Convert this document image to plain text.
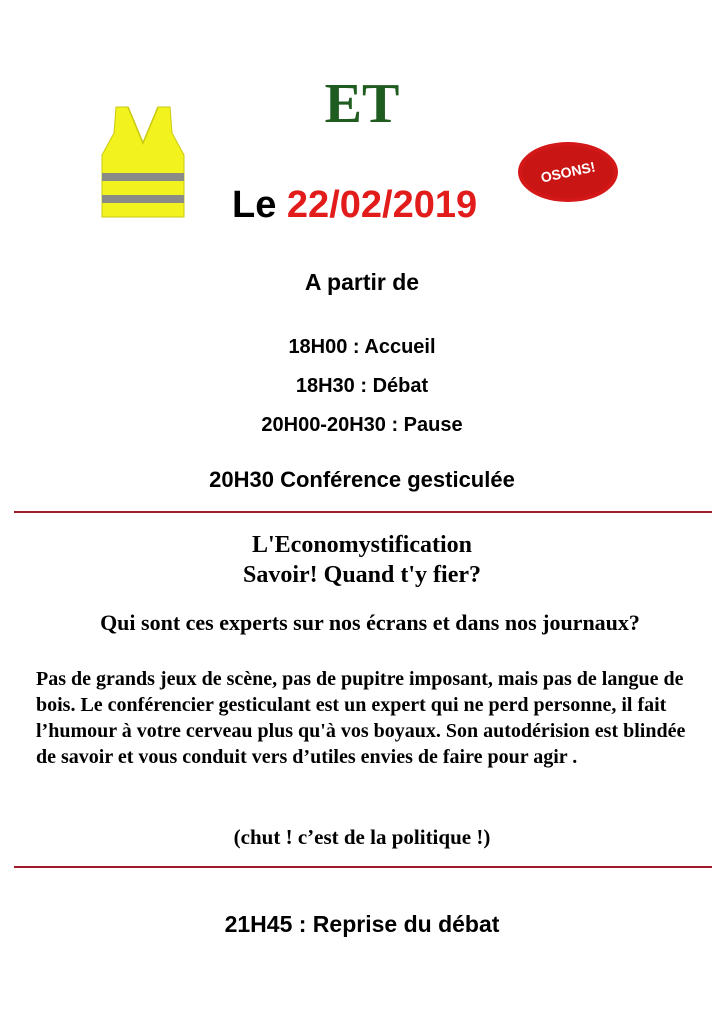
ET
OSONS!
Le 22/02/2019
A partir de
18H00 : Accueil
18H30 : Débat
20H00-20H30 : Pause
20H30 Conférence gesticulée
L'Economystification
Savoir! Quand t'y fier?
Qui sont ces experts sur nos écrans et dans nos journaux?
Pas de grands jeux de scène, pas de pupitre imposant, mais pas de langue de bois. Le conférencier gesticulant est un expert qui ne perd personne, il fait l’humour à votre cerveau plus qu'à vos boyaux. Son autodérision est blindée de savoir et vous conduit vers d’utiles envies de faire pour agir .
(chut ! c’est de la politique !)
21H45 : Reprise du débat
